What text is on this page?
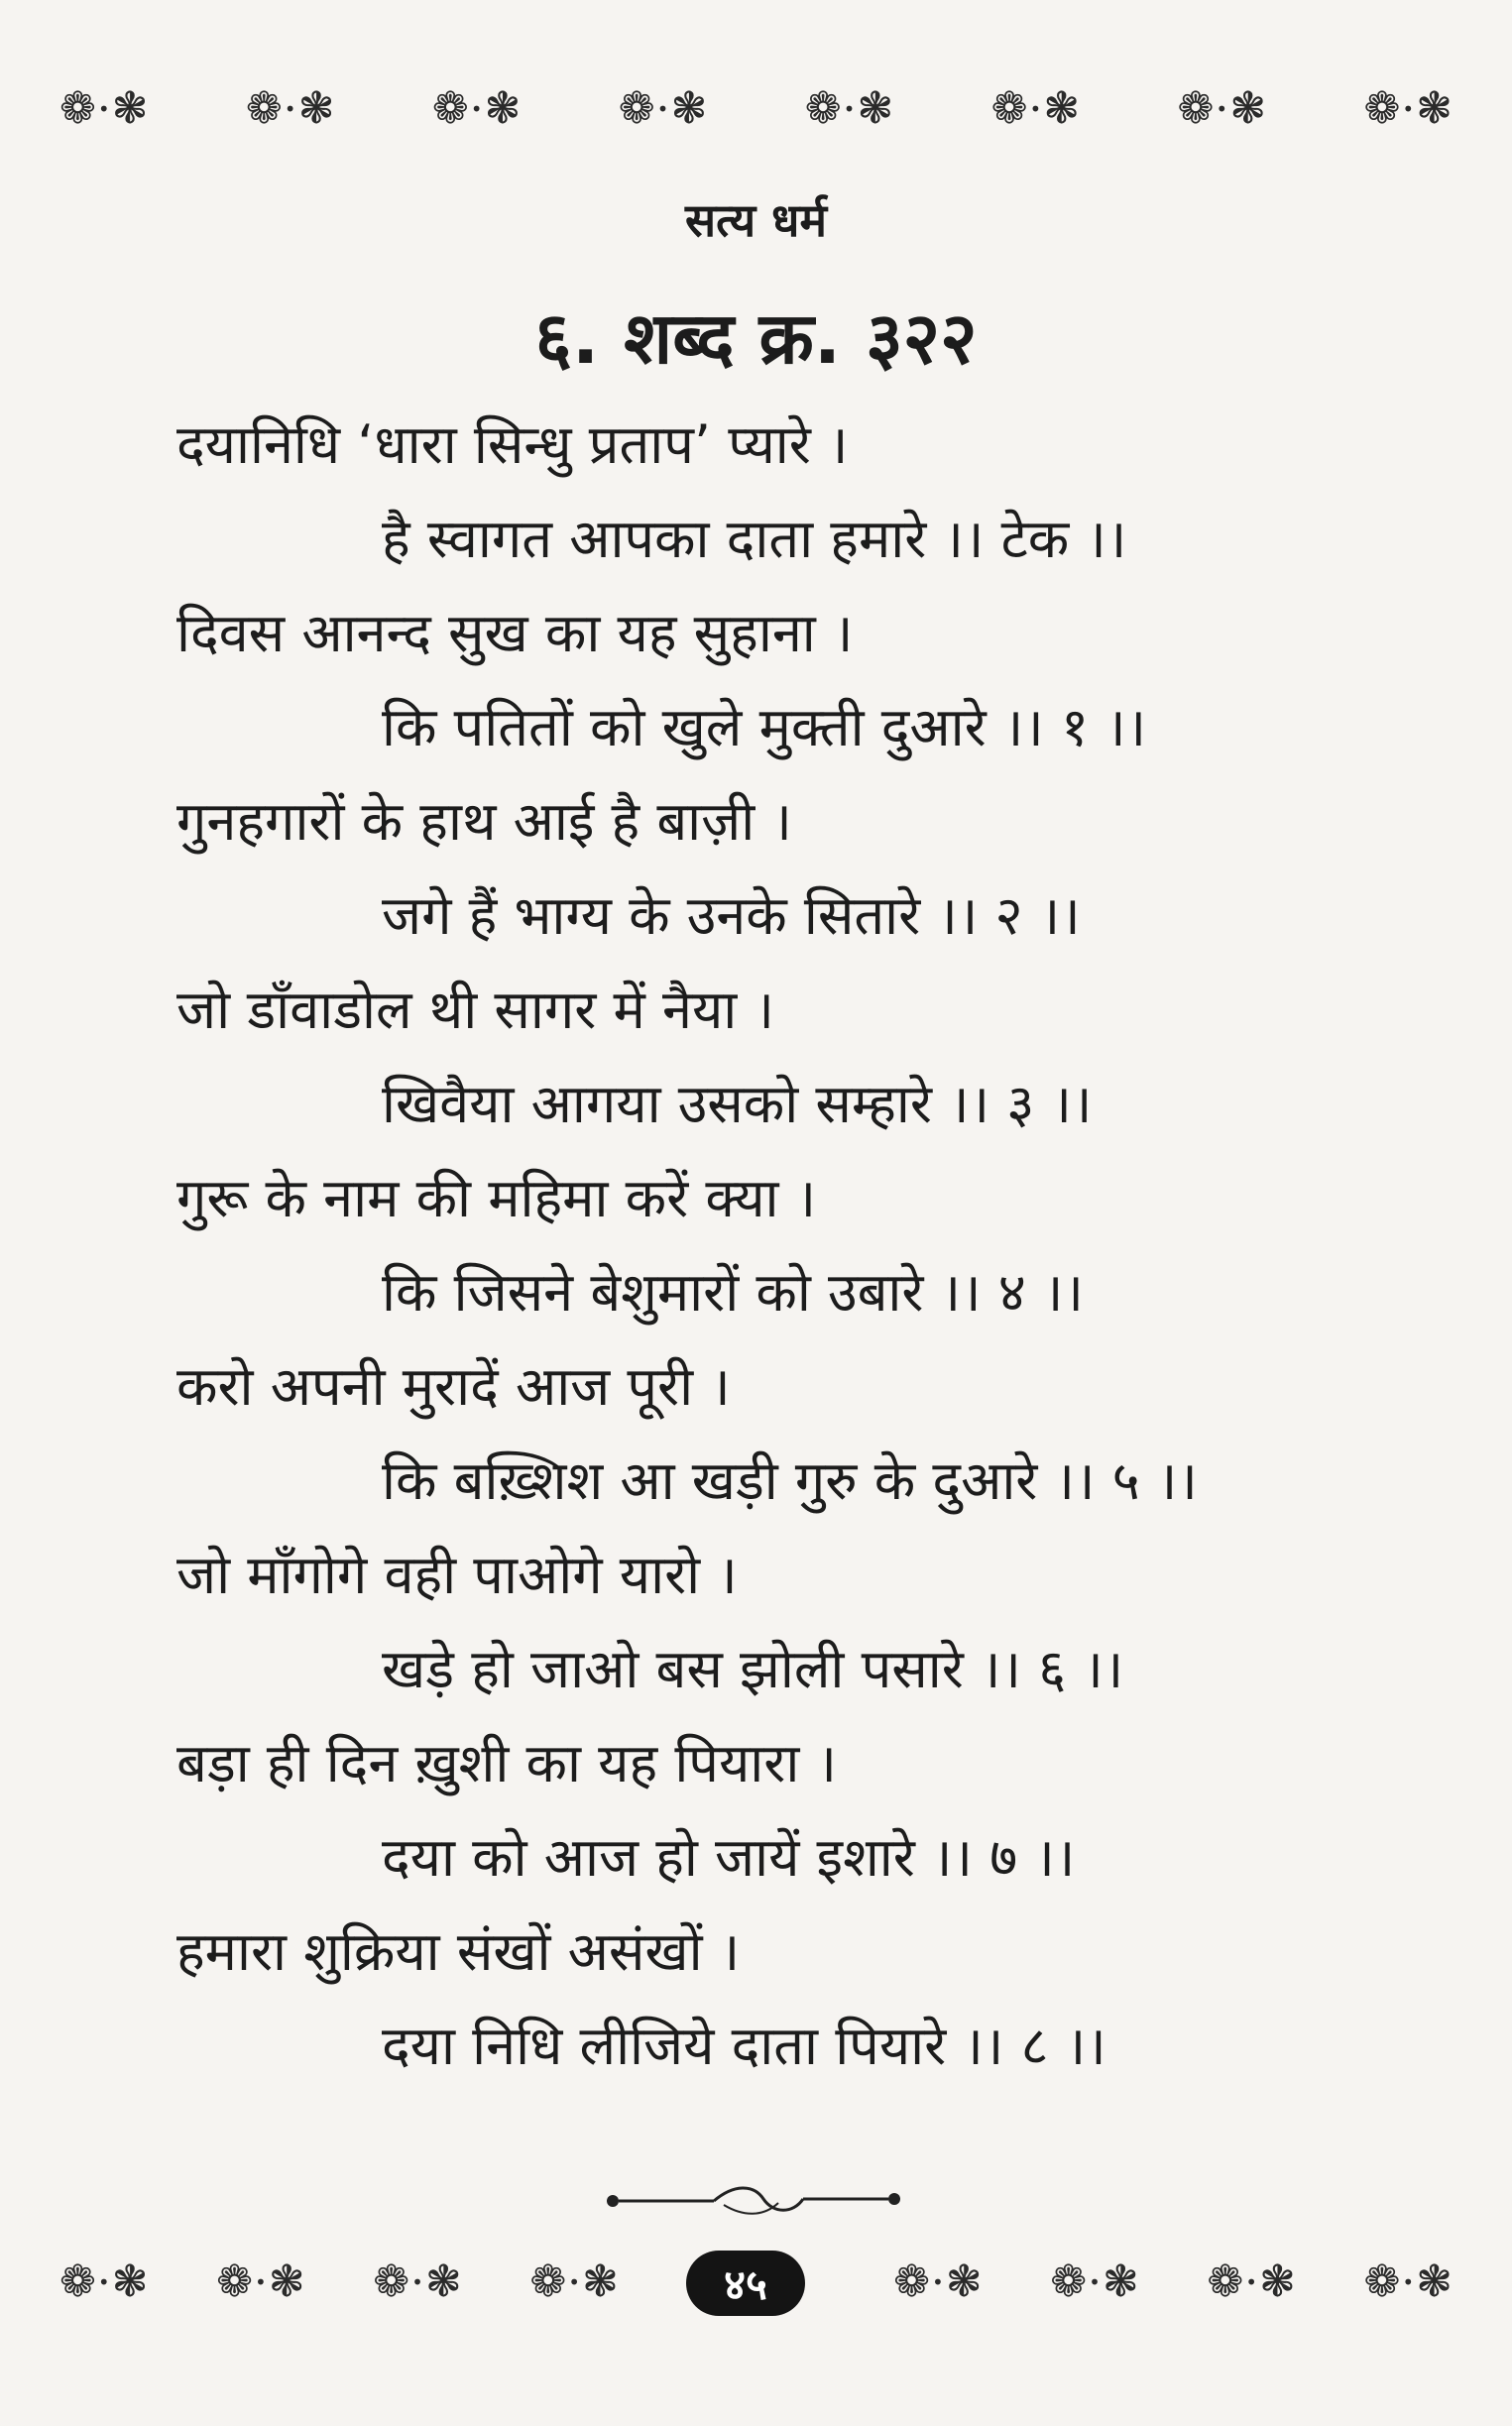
❁ • ❃ ❁ • ❃ ❁ • ❃ ❁ • ❃ ❁ • ❃ ❁ • ❃ ❁ • ❃ ❁ • ❃
सत्य धर्म
६. शब्द क्र. ३२२
दयानिधि ‘धारा सिन्धु प्रताप’ प्यारे ।
है स्वागत आपका दाता हमारे ।। टेक ।।
दिवस आनन्द सुख का यह सुहाना ।
कि पतितों को खुले मुक्ती दुआरे ।। १ ।।
गुनहगारों के हाथ आई है बाज़ी ।
जगे हैं भाग्य के उनके सितारे ।। २ ।।
जो डाँवाडोल थी सागर में नैया ।
खिवैया आगया उसको सम्हारे ।। ३ ।।
गुरू के नाम की महिमा करें क्या ।
कि जिसने बेशुमारों को उबारे ।। ४ ।।
करो अपनी मुरादें आज पूरी ।
कि बख़्शिश आ खड़ी गुरु के दुआरे ।। ५ ।।
जो माँगोगे वही पाओगे यारो ।
खड़े हो जाओ बस झोली पसारे ।। ६ ।।
बड़ा ही दिन ख़ुशी का यह पियारा ।
दया को आज हो जायें इशारे ।। ७ ।।
हमारा शुक्रिया संखों असंखों ।
दया निधि लीजिये दाता पियारे ।। ८ ।।
❁ • ❃ ❁ • ❃ ❁ • ❃ ❁ • ❃	❁ • ❃ ❁ • ❃ ❁ • ❃ ❁ • ❃
४५
